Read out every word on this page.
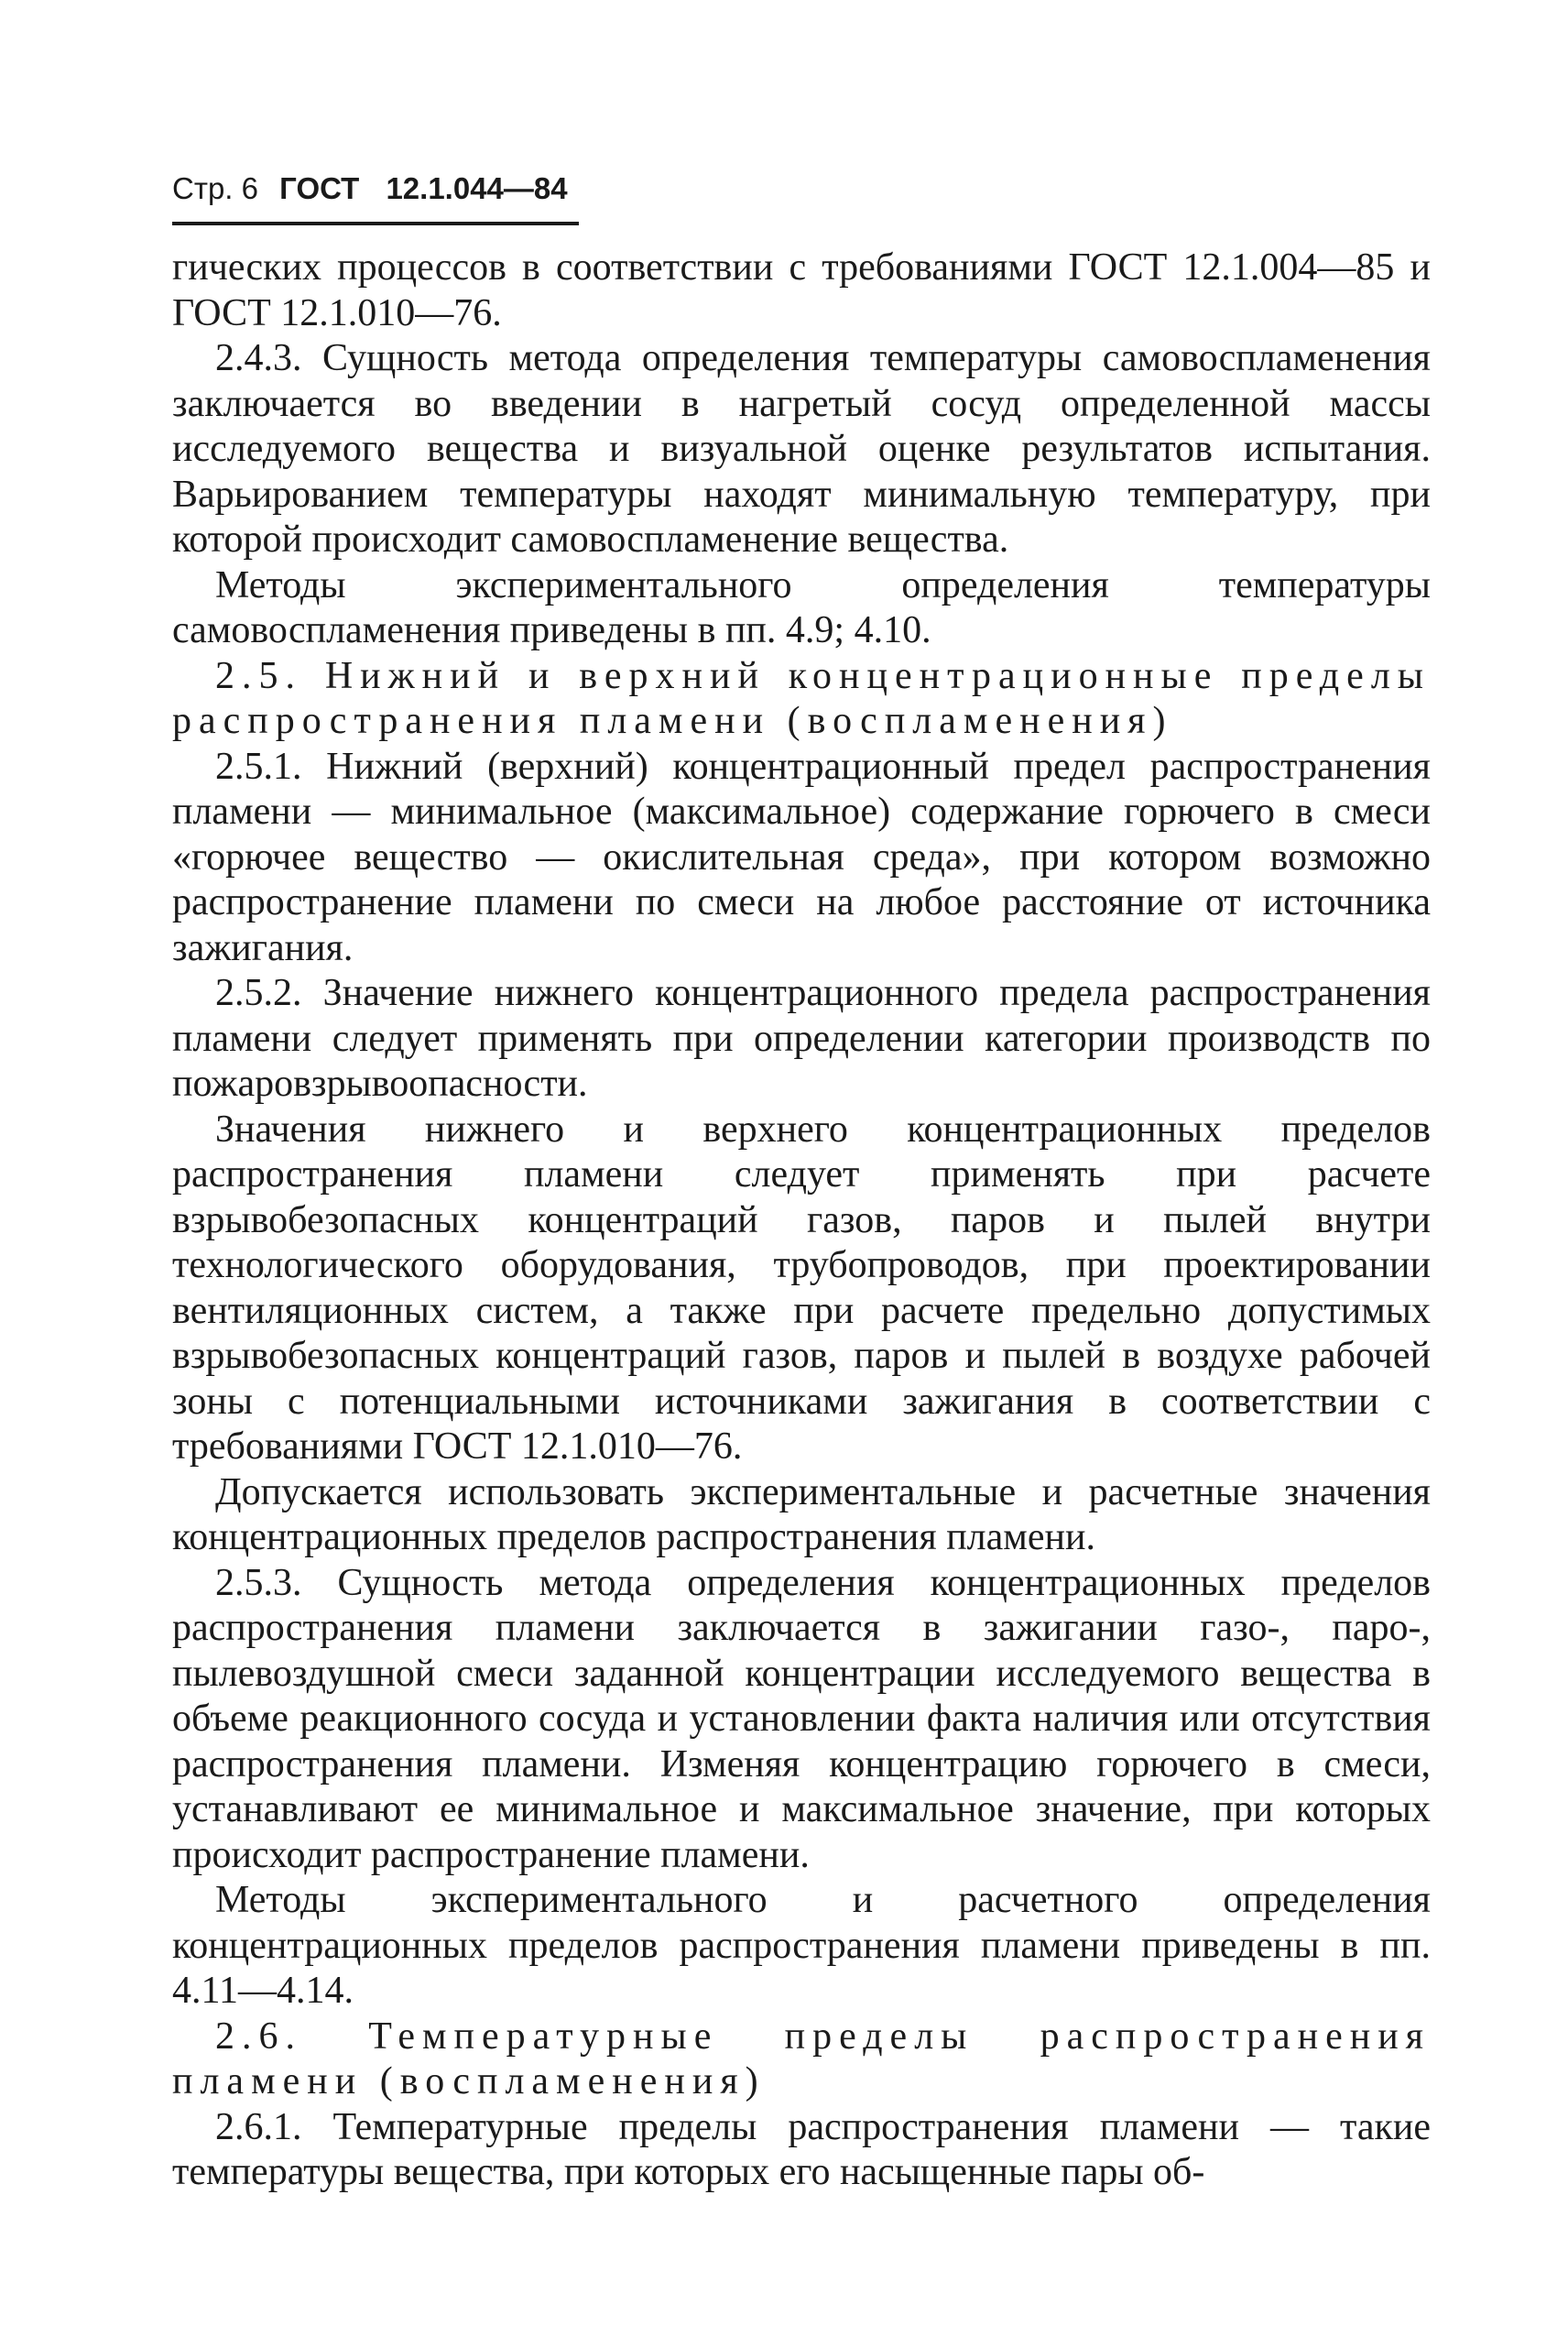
Стр. 6 ГОСТ 12.1.044—84

гических процессов в соответствии с требованиями ГОСТ 12.1.004—85 и ГОСТ 12.1.010—76.

2.4.3. Сущность метода определения температуры самовоспламенения заключается во введении в нагретый сосуд определенной массы исследуемого вещества и визуальной оценке результатов испытания. Варьированием температуры находят минимальную температуру, при которой происходит самовоспламенение вещества.

Методы экспериментального определения температуры самовоспламенения приведены в пп. 4.9; 4.10.

2.5. Нижний и верхний концентрационные пределы распространения пламени (воспламенения)

2.5.1. Нижний (верхний) концентрационный предел распространения пламени — минимальное (максимальное) содержание горючего в смеси «горючее вещество — окислительная среда», при котором возможно распространение пламени по смеси на любое расстояние от источника зажигания.

2.5.2. Значение нижнего концентрационного предела распространения пламени следует применять при определении категории производств по пожаровзрывоопасности.

Значения нижнего и верхнего концентрационных пределов распространения пламени следует применять при расчете взрывобезопасных концентраций газов, паров и пылей внутри технологического оборудования, трубопроводов, при проектировании вентиляционных систем, а также при расчете предельно допустимых взрывобезопасных концентраций газов, паров и пылей в воздухе рабочей зоны с потенциальными источниками зажигания в соответствии с требованиями ГОСТ 12.1.010—76.

Допускается использовать экспериментальные и расчетные значения концентрационных пределов распространения пламени.

2.5.3. Сущность метода определения концентрационных пределов распространения пламени заключается в зажигании газо-, паро-, пылевоздушной смеси заданной концентрации исследуемого вещества в объеме реакционного сосуда и установлении факта наличия или отсутствия распространения пламени. Изменяя концентрацию горючего в смеси, устанавливают ее минимальное и максимальное значение, при которых происходит распространение пламени.

Методы экспериментального и расчетного определения концентрационных пределов распространения пламени приведены в пп. 4.11—4.14.

2.6. Температурные пределы распространения пламени (воспламенения)

2.6.1. Температурные пределы распространения пламени — такие температуры вещества, при которых его насыщенные пары об-
